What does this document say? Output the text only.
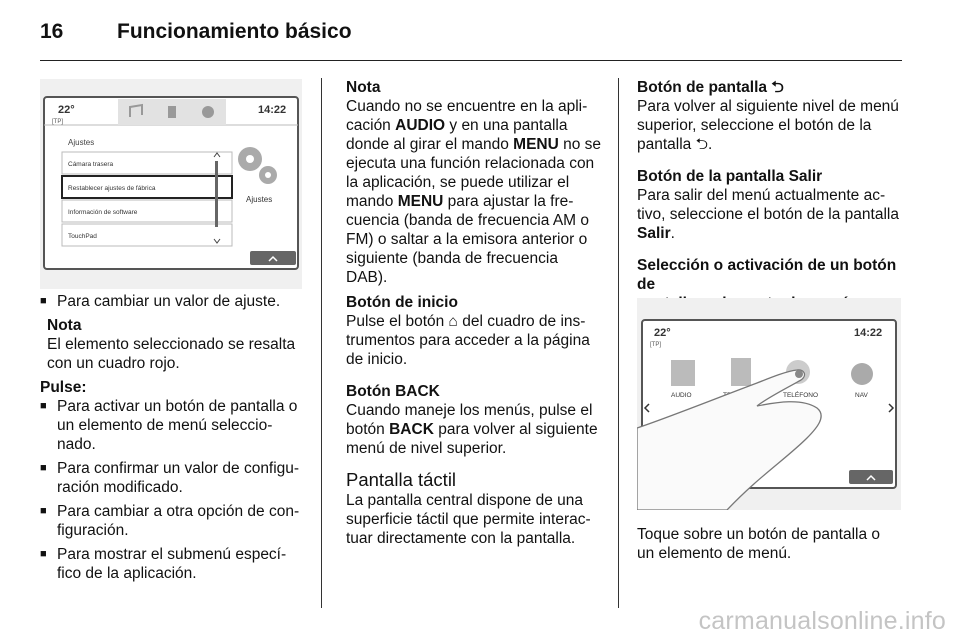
16	Funcionamiento básico
22°
[TP]
14:22
Ajustes
Cámara trasera
Restablecer ajustes de fábrica
Información de software
TouchPad
Ajustes

■ Para cambiar un valor de ajuste.

Nota

El elemento seleccionado se resalta

con un cuadro rojo.

Pulse:

■ Para activar un botón de pantalla o

un elemento de menú seleccio-

nado.

■ Para confirmar un valor de configu-

ración modificado.

■ Para cambiar a otra opción de con-

figuración.

■ Para mostrar el submenú especí-

fico de la aplicación.

Nota

Cuando no se encuentre en la apli-

cación AUDIO y en una pantalla

donde al girar el mando MENU no se

ejecuta una función relacionada con

la aplicación, se puede utilizar el

mando MENU para ajustar la fre-

cuencia (banda de frecuencia AM o

FM) o saltar a la emisora anterior o

siguiente (banda de frecuencia

DAB).

Botón de inicio

Pulse el botón ⌂ del cuadro de ins-

trumentos para acceder a la página

de inicio.

Botón BACK

Cuando maneje los menús, pulse el

botón BACK para volver al siguiente

menú de nivel superior.

Pantalla táctil

La pantalla central dispone de una

superficie táctil que permite interac-

tuar directamente con la pantalla.

Botón de pantalla ⮌

Para volver al siguiente nivel de menú

superior, seleccione el botón de la

pantalla ⮌.

Botón de la pantalla Salir

Para salir del menú actualmente ac-

tivo, seleccione el botón de la pantalla

Salir.

Selección o activación de un botón de

22°
[TP]
14:22
AUDIO	TELÉFONO	NAV

Toque sobre un botón de pantalla o

un elemento de menú.

carmanualsonline.info
